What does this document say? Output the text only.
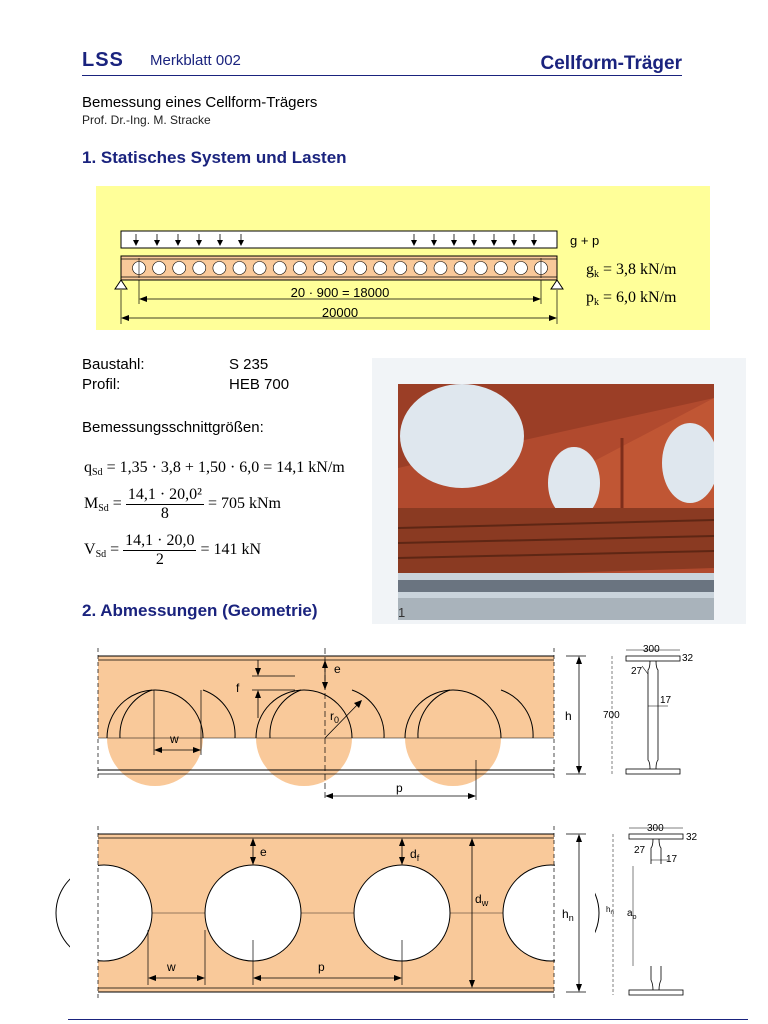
LSS Merkblatt 002	Cellform-Träger
Bemessung eines Cellform-Trägers
Prof. Dr.-Ing. M. Stracke
1. Statisches System und Lasten
20 · 900 = 18000
20000
g + p
$g_k = 3,8$ kN/m
$p_k = 6,0$ kN/m
Baustahl:	S 235
Profil:	HEB 700
Bemessungsschnittgrößen:
$q_{Sd} = 1,35 \cdot 3,8 + 1,50 \cdot 6,0 = 14,1$ kN/m
$M_{Sd} = \frac{\text{14,1 · 20,0²}}{8} = 705$ kNm
$V_{Sd} = \frac{14,1 \cdot 20,0}{2} = 141$ kN
1
2. Abmessungen (Geometrie)
e
f
$r_0$
w
h
p
300
32
27
17
700
e	$d_f$
$d_w$
$h_n$
w	p
300
32
27
17
$h_n$ $a_o$
